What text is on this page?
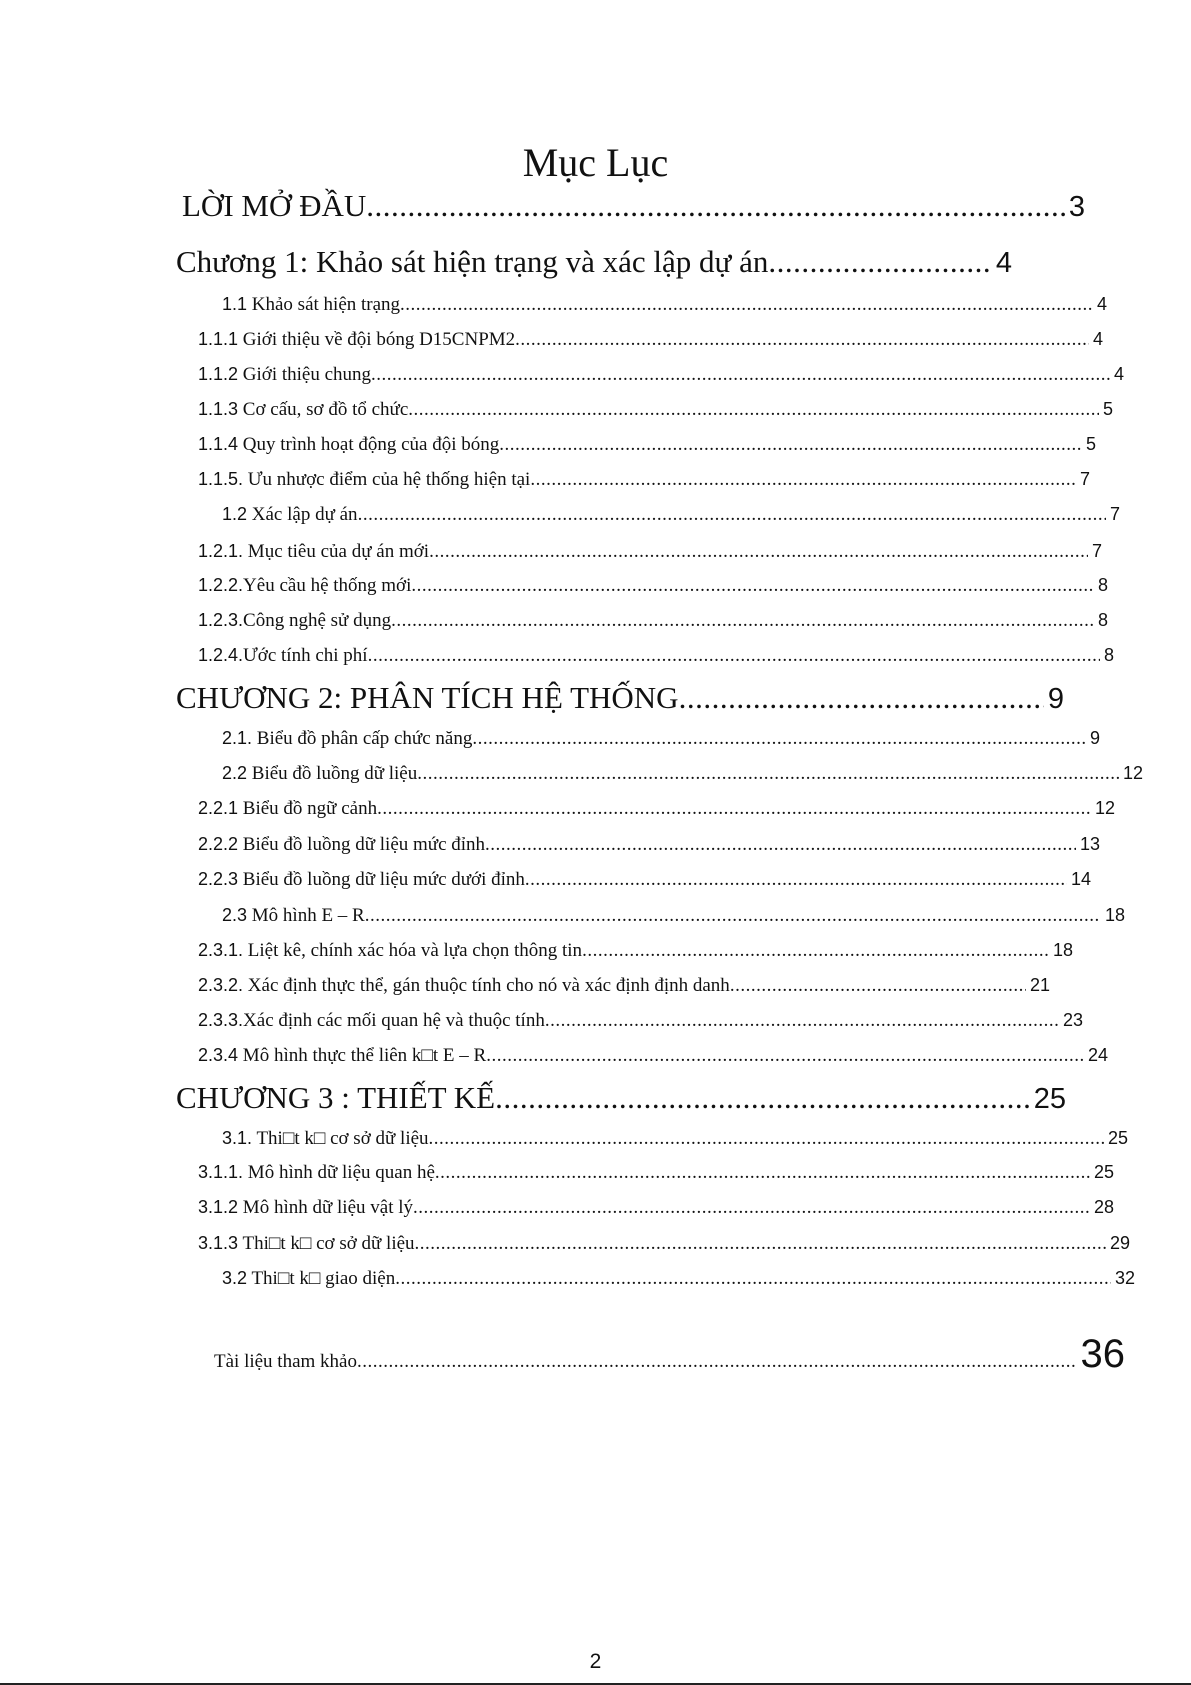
Mục Lục
LỜI MỞ ĐẦU .....	3
Chương 1: Khảo sát hiện trạng và xác lập dự án .....	4
1.1 Khảo sát hiện trạng .....	4
1.1.1 Giới thiệu về đội bóng D15CNPM2 .....	4
1.1.2 Giới thiệu chung .....	4
1.1.3 Cơ cấu, sơ đồ tổ chức .....	5
1.1.4 Quy trình hoạt động của đội bóng .....	5
1.1.5. Ưu nhược điểm của hệ thống hiện tại .....	7
1.2 Xác lập dự án .....	7
1.2.1. Mục tiêu của dự án mới .....	7
1.2.2.Yêu cầu hệ thống mới .....	8
1.2.3.Công nghệ sử dụng .....	8
1.2.4.Ước tính chi phí .....	8
CHƯƠNG 2: PHÂN TÍCH HỆ THỐNG .....	9
2.1. Biểu đồ phân cấp chức năng .....	9
2.2 Biểu đồ luồng dữ liệu .....	12
2.2.1 Biểu đồ ngữ cảnh .....	12
2.2.2 Biểu đồ luồng dữ liệu mức đỉnh .....	13
2.2.3 Biểu đồ luồng dữ liệu mức dưới đỉnh .....	14
2.3 Mô hình E – R .....	18
2.3.1. Liệt kê, chính xác hóa và lựa chọn thông tin .....	18
2.3.2. Xác định thực thể, gán thuộc tính cho nó và xác định định danh .....	21
2.3.3.Xác định các mối quan hệ và thuộc tính .....	23
2.3.4 Mô hình thực thể liên k□t E – R .....	24
CHƯƠNG 3 : THIẾT KẾ .....	25
3.1. Thi□t k□ cơ sở dữ liệu .....	25
3.1.1. Mô hình dữ liệu quan hệ .....	25
3.1.2 Mô hình dữ liệu vật lý .....	28
3.1.3 Thi□t k□ cơ sở dữ liệu .....	29
3.2 Thi□t k□ giao diện .....	32
Tài liệu tham khảo .....	36
2
